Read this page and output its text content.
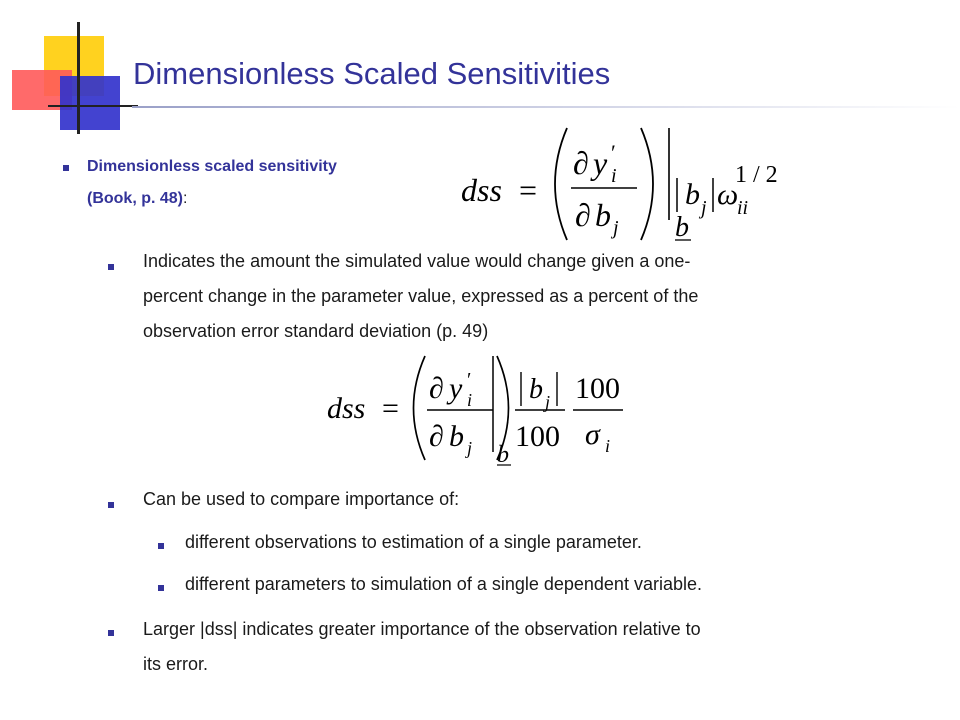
Dimensionless Scaled Sensitivities
Dimensionless scaled sensitivity
(Book, p. 48):	dss =
∂ y ′
i
∂ b j b
b j ω
ii
1 / 2
Indicates the amount the simulated value would change given a one-
percent change in the parameter value, expressed as a percent of the
observation error standard deviation (p. 49)
dss =
∂ y ′
i
∂ b j b
b j
100
100
σ i
Can be used to compare importance of:
different observations to estimation of a single parameter.
different parameters to simulation of a single dependent variable.
Larger |dss| indicates greater importance of the observation relative to
its error.
